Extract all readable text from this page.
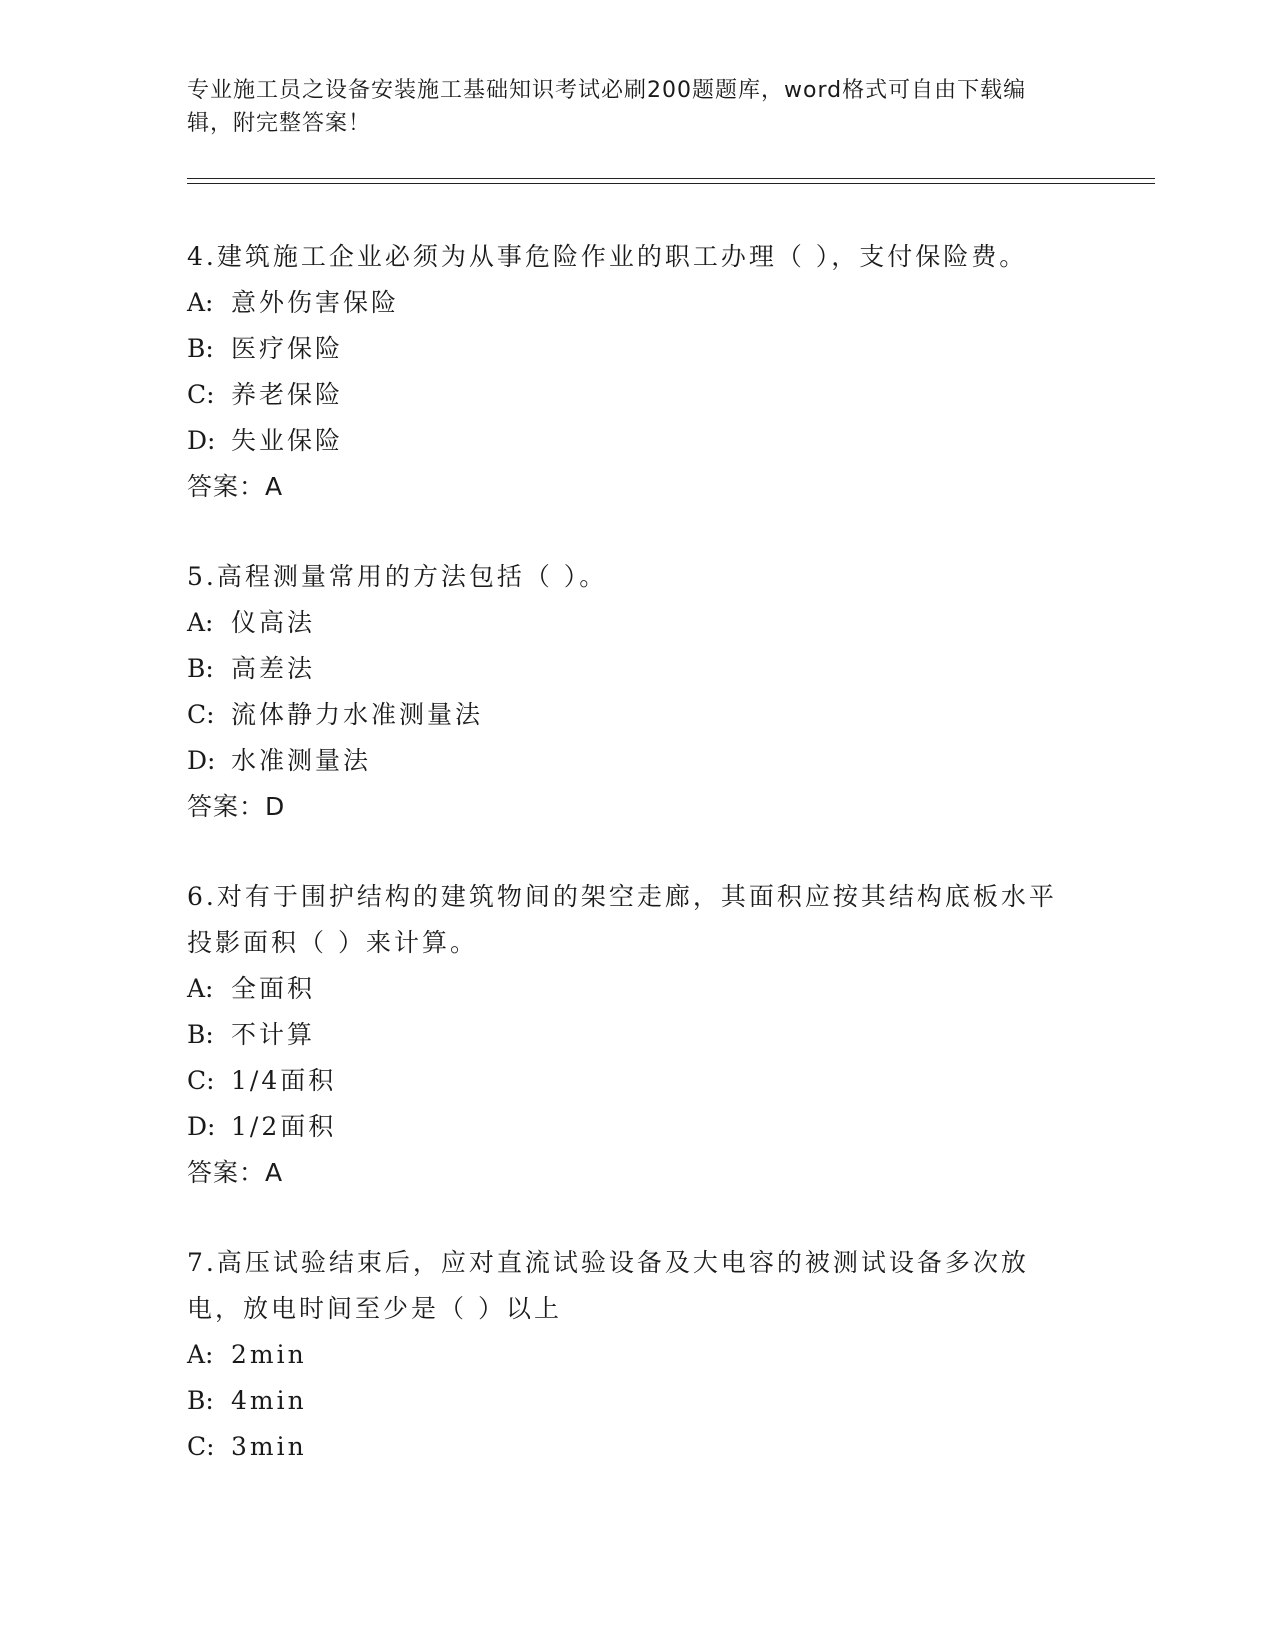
专业施工员之设备安装施工基础知识考试必刷200题题库，word格式可自由下载编辑，附完整答案！

4.建筑施工企业必须为从事危险作业的职工办理（ ），支付保险费。

A: 意外伤害保险

B: 医疗保险

C: 养老保险

D: 失业保险

答案：A

5.高程测量常用的方法包括（ ）。

A: 仪高法

B: 高差法

C: 流体静力水准测量法

D: 水准测量法

答案：D

6.对有于围护结构的建筑物间的架空走廊，其面积应按其结构底板水平投影面积（ ）来计算。

A: 全面积

B: 不计算

C: 1/4面积

D: 1/2面积

答案：A

7.高压试验结束后，应对直流试验设备及大电容的被测试设备多次放电，放电时间至少是（ ）以上

A: 2min

B: 4min

C: 3min
